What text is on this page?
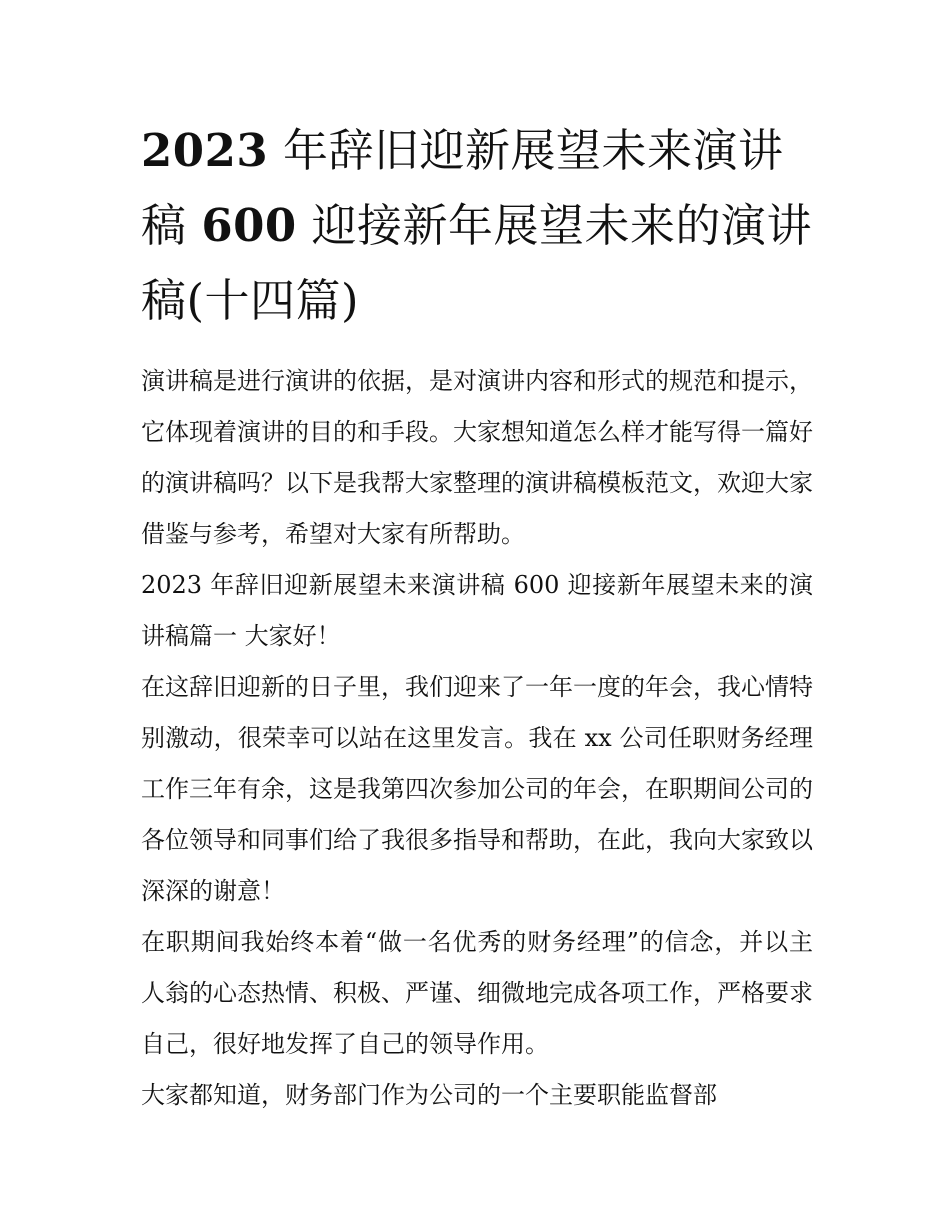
2023 年辞旧迎新展望未来演讲稿 600 迎接新年展望未来的演讲稿(十四篇)

演讲稿是进行演讲的依据，是对演讲内容和形式的规范和提示，它体现着演讲的目的和手段。大家想知道怎么样才能写得一篇好的演讲稿吗？以下是我帮大家整理的演讲稿模板范文，欢迎大家借鉴与参考，希望对大家有所帮助。

2023 年辞旧迎新展望未来演讲稿 600 迎接新年展望未来的演讲稿篇一 大家好！

在这辞旧迎新的日子里，我们迎来了一年一度的年会，我心情特别激动，很荣幸可以站在这里发言。我在 xx 公司任职财务经理工作三年有余，这是我第四次参加公司的年会，在职期间公司的各位领导和同事们给了我很多指导和帮助，在此，我向大家致以深深的谢意！

在职期间我始终本着“做一名优秀的财务经理”的信念，并以主人翁的心态热情、积极、严谨、细微地完成各项工作，严格要求自己，很好地发挥了自己的领导作用。

大家都知道，财务部门作为公司的一个主要职能监督部
